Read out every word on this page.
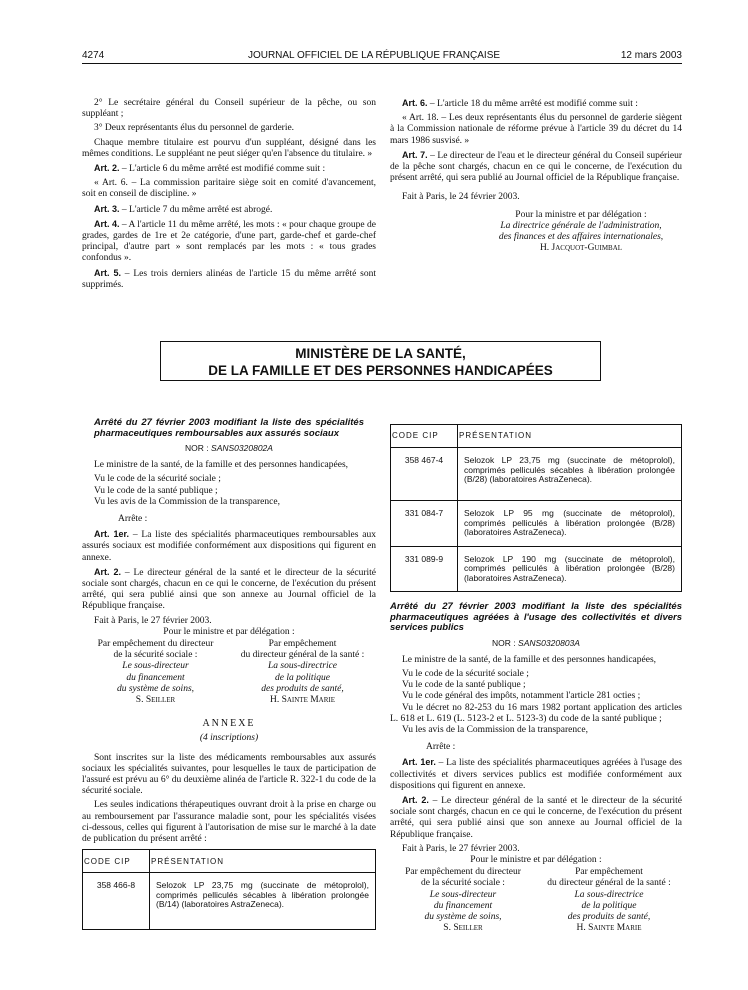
4274	JOURNAL OFFICIEL DE LA RÉPUBLIQUE FRANÇAISE	12 mars 2003

2° Le secrétaire général du Conseil supérieur de la pêche, ou son suppléant ;

3° Deux représentants élus du personnel de garderie.

Chaque membre titulaire est pourvu d'un suppléant, désigné dans les mêmes conditions. Le suppléant ne peut siéger qu'en l'absence du titulaire. »

Art. 2. – L'article 6 du même arrêté est modifié comme suit :

« Art. 6. – La commission paritaire siège soit en comité d'avancement, soit en conseil de discipline. »

Art. 3. – L'article 7 du même arrêté est abrogé.

Art. 4. – A l'article 11 du même arrêté, les mots : « pour chaque groupe de grades, gardes de 1re et 2e catégorie, d'une part, garde-chef et garde-chef principal, d'autre part » sont remplacés par les mots : « tous grades confondus ».

Art. 5. – Les trois derniers alinéas de l'article 15 du même arrêté sont supprimés.

Art. 6. – L'article 18 du même arrêté est modifié comme suit :

« Art. 18. – Les deux représentants élus du personnel de garderie siègent à la Commission nationale de réforme prévue à l'article 39 du décret du 14 mars 1986 susvisé. »

Art. 7. – Le directeur de l'eau et le directeur général du Conseil supérieur de la pêche sont chargés, chacun en ce qui le concerne, de l'exécution du présent arrêté, qui sera publié au Journal officiel de la République française.

Fait à Paris, le 24 février 2003.

Pour la ministre et par délégation :
La directrice générale de l'administration,
des finances et des affaires internationales,
H. Jacquot-Guimbal
MINISTÈRE DE LA SANTÉ,
DE LA FAMILLE ET DES PERSONNES HANDICAPÉES
Arrêté du 27 février 2003 modifiant la liste des spécialités pharmaceutiques remboursables aux assurés sociaux
NOR : SANS0320802A

Le ministre de la santé, de la famille et des personnes handicapées,

Vu le code de la sécurité sociale ;

Vu le code de la santé publique ;

Vu les avis de la Commission de la transparence,

Arrête :

Art. 1er. – La liste des spécialités pharmaceutiques remboursables aux assurés sociaux est modifiée conformément aux dispositions qui figurent en annexe.

Art. 2. – Le directeur général de la santé et le directeur de la sécurité sociale sont chargés, chacun en ce qui le concerne, de l'exécution du présent arrêté, qui sera publié ainsi que son annexe au Journal officiel de la République française.

Fait à Paris, le 27 février 2003.

Pour le ministre et par délégation :

Par empêchement du directeur
de la sécurité sociale :
Le sous-directeur
du financement
du système de soins,
S. Seiller
Par empêchement
du directeur général de la santé :
La sous-directrice
de la politique
des produits de santé,
H. Sainte Marie

ANNEXE

(4 inscriptions)

Sont inscrites sur la liste des médicaments remboursables aux assurés sociaux les spécialités suivantes, pour lesquelles le taux de participation de l'assuré est prévu au 6° du deuxième alinéa de l'article R. 322-1 du code de la sécurité sociale.

Les seules indications thérapeutiques ouvrant droit à la prise en charge ou au remboursement par l'assurance maladie sont, pour les spécialités visées ci-dessous, celles qui figurent à l'autorisation de mise sur le marché à la date de publication du présent arrêté :

CODE CIP	PRÉSENTATION
358 466-8	Selozok LP 23,75 mg (succinate de métoprolol), comprimés pelliculés sécables à libération prolongée (B/14) (laboratoires AstraZeneca).
CODE CIP	PRÉSENTATION
358 467-4	Selozok LP 23,75 mg (succinate de métoprolol), comprimés pelliculés sécables à libération prolongée (B/28) (laboratoires AstraZeneca).
331 084-7	Selozok LP 95 mg (succinate de métoprolol), comprimés pelliculés à libération prolongée (B/28) (laboratoires AstraZeneca).
331 089-9	Selozok LP 190 mg (succinate de métoprolol), comprimés pelliculés à libération prolongée (B/28) (laboratoires AstraZeneca).
Arrêté du 27 février 2003 modifiant la liste des spécialités pharmaceutiques agréées à l'usage des collectivités et divers services publics
NOR : SANS0320803A

Le ministre de la santé, de la famille et des personnes handicapées,

Vu le code de la sécurité sociale ;

Vu le code de la santé publique ;

Vu le code général des impôts, notamment l'article 281 octies ;

Vu le décret no 82-253 du 16 mars 1982 portant application des articles L. 618 et L. 619 (L. 5123-2 et L. 5123-3) du code de la santé publique ;

Vu les avis de la Commission de la transparence,

Arrête :

Art. 1er. – La liste des spécialités pharmaceutiques agréées à l'usage des collectivités et divers services publics est modifiée conformément aux dispositions qui figurent en annexe.

Art. 2. – Le directeur général de la santé et le directeur de la sécurité sociale sont chargés, chacun en ce qui le concerne, de l'exécution du présent arrêté, qui sera publié ainsi que son annexe au Journal officiel de la République française.

Fait à Paris, le 27 février 2003.

Pour le ministre et par délégation :

Par empêchement du directeur
de la sécurité sociale :
Le sous-directeur
du financement
du système de soins,
S. Seiller
Par empêchement
du directeur général de la santé :
La sous-directrice
de la politique
des produits de santé,
H. Sainte Marie
